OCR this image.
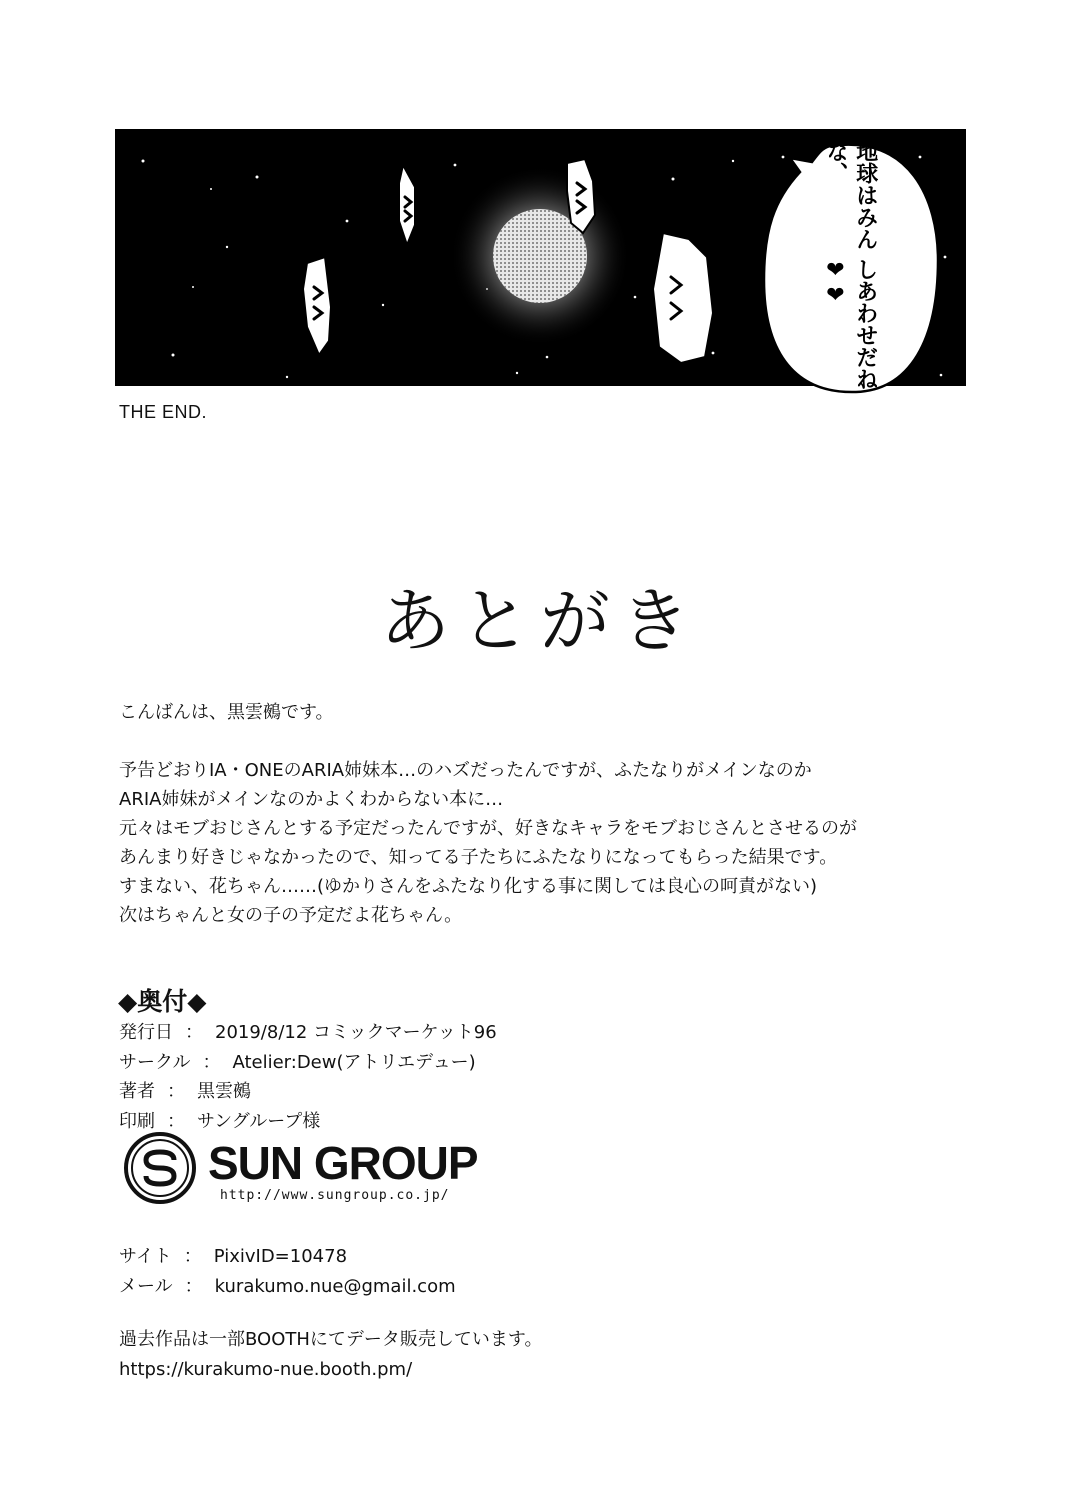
地球はみんな、
しあわせだね❤❤
THE END.
あとがき

こんばんは、黒雲鵺です。

予告どおりIA・ONEのARIA姉妹本…のハズだったんですが、ふたなりがメインなのか

ARIA姉妹がメインなのかよくわからない本に…

元々はモブおじさんとする予定だったんですが、好きなキャラをモブおじさんとさせるのが

あんまり好きじゃなかったので、知ってる子たちにふたなりになってもらった結果です。

すまない、花ちゃん……(ゆかりさんをふたなり化する事に関しては良心の呵責がない)

次はちゃんと女の子の予定だよ花ちゃん。

◆奥付◆
発行日 ： 2019/8/12 コミックマーケット96
サークル ： Atelier:Dew(アトリエデュー)
著者 ： 黒雲鵺
印刷 ： サングループ様
SUN GROUP
http://www.sungroup.co.jp/
サイト ： PixivID=10478
メール ： kurakumo.nue@gmail.com

過去作品は一部BOOTHにてデータ販売しています。

https://kurakumo-nue.booth.pm/
